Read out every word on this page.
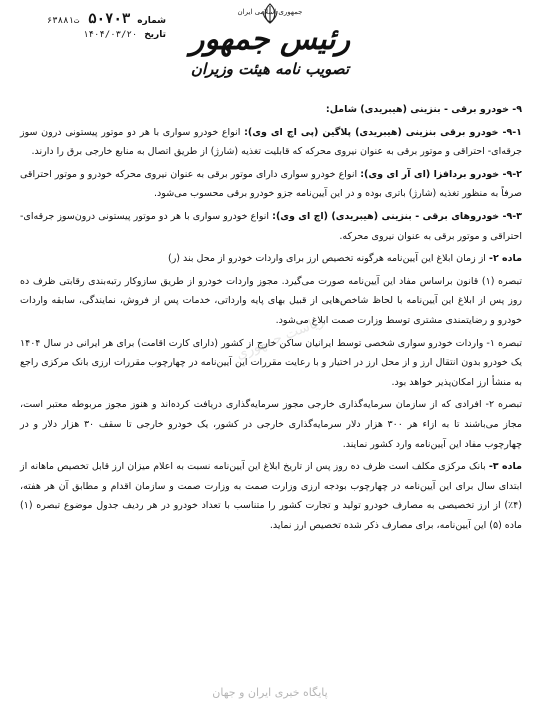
جمهوری اسلامی ایران
رئیس جمهور
تصویب نامه هیئت وزیران
شماره ۵۰۷۰۳ ت۶۳۸۸۱
تاریخ ۱۴۰۴/۰۳/۲۰

۹- خودرو برقی - بنزینی (هیبریدی) شامل:

۹-۱- خودرو برقی بنزینی (هیبریدی) پلاگین (پی اچ ای وی): انواع خودرو سواری با هر دو موتور پیستونی درون سوز جرقه‌ای- احتراقی و موتور برقی به عنوان نیروی محرکه که قابلیت تغذیه (شارژ) از طریق اتصال به منابع خارجی برق را دارند.

۹-۲- خودرو بردافزا (ای آر ای وی): انواع خودرو سواری دارای موتور برقی به عنوان نیروی محرکه خودرو و موتور احتراقی صرفاً به منظور تغذیه (شارژ) باتری بوده و در این آیین‌نامه جزو خودرو برقی محسوب می‌شود.

۹-۳- خودروهای برقی - بنزینی (هیبریدی) (اچ ای وی): انواع خودرو سواری با هر دو موتور پیستونی درون‌سوز جرقه‌ای- احتراقی و موتور برقی به عنوان نیروی محرکه.

ماده ۲- از زمان ابلاغ این آیین‌نامه هرگونه تخصیص ارز برای واردات خودرو از محل بند (ر)

تبصره (۱) قانون براساس مفاد این آیین‌نامه صورت می‌گیرد. مجوز واردات خودرو از طریق سازوکار رتبه‌بندی رقابتی ظرف ده روز پس از ابلاغ این آیین‌نامه با لحاظ شاخص‌هایی از قبیل بهای پایه وارداتی، خدمات پس از فروش، نمایندگی، سابقه واردات خودرو و رضایتمندی مشتری توسط وزارت صمت ابلاغ می‌شود.

تبصره ۱- واردات خودرو سواری شخصی توسط ایرانیان ساکن خارج از کشور (دارای کارت اقامت) برای هر ایرانی در سال ۱۴۰۴ یک خودرو بدون انتقال ارز و از محل ارز در اختیار و با رعایت مقررات این آیین‌نامه در چهارچوب مقررات ارزی بانک مرکزی راجع به منشأ ارز امکان‌پذیر خواهد بود.

تبصره ۲- افرادی که از سازمان سرمایه‌گذاری خارجی مجوز سرمایه‌گذاری دریافت کرده‌اند و هنوز مجوز مربوطه معتبر است، مجاز می‌باشند تا به ازاء هر ۳۰۰ هزار دلار سرمایه‌گذاری خارجی در کشور، یک خودرو خارجی تا سقف ۳۰ هزار دلار و در چهارچوب مفاد این آیین‌نامه وارد کشور نمایند.

ماده ۳- بانک مرکزی مکلف است ظرف ده روز پس از تاریخ ابلاغ این آیین‌نامه نسبت به اعلام میزان ارز قابل تخصیص ماهانه از ابتدای سال برای این آیین‌نامه در چهارچوب بودجه ارزی وزارت صمت به وزارت صمت و سازمان اقدام و مطابق آن هر هفته، (۴٪) از ارز تخصیصی به مصارف خودرو تولید و تجارت کشور را متناسب با تعداد خودرو در هر ردیف جدول موضوع تبصره (۱) ماده (۵) این آیین‌نامه، برای مصارف ذکر شده تخصیص ارز نماید.

ریاست جمهوری
پایگاه خبری ایران و جهان
